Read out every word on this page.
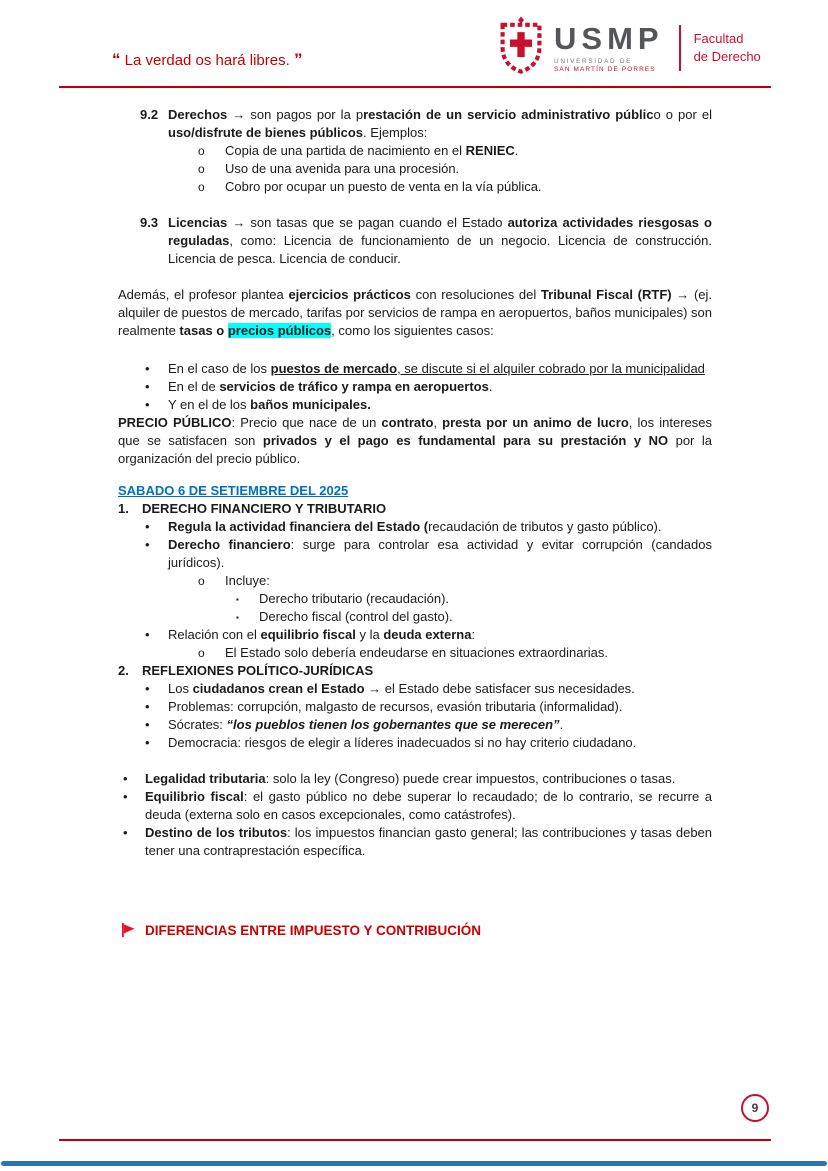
“ La verdad os hará libres. ”
USMP
UNIVERSIDAD DE
SAN MARTÍN DE PORRES
Facultad
de Derecho
9.2 Derechos → son pagos por la prestación de un servicio administrativo público o por el uso/disfrute de bienes públicos. Ejemplos:
o Copia de una partida de nacimiento en el RENIEC.
o Uso de una avenida para una procesión.
o Cobro por ocupar un puesto de venta en la vía pública.
9.3 Licencias → son tasas que se pagan cuando el Estado autoriza actividades riesgosas o reguladas, como: Licencia de funcionamiento de un negocio. Licencia de construcción. Licencia de pesca. Licencia de conducir.
Además, el profesor plantea ejercicios prácticos con resoluciones del Tribunal Fiscal (RTF) → (ej. alquiler de puestos de mercado, tarifas por servicios de rampa en aeropuertos, baños municipales) son realmente tasas o precios públicos, como los siguientes casos:
• En el caso de los puestos de mercado, se discute si el alquiler cobrado por la municipalidad
• En el de servicios de tráfico y rampa en aeropuertos.
• Y en el de los baños municipales.
PRECIO PÚBLICO: Precio que nace de un contrato, presta por un animo de lucro, los intereses que se satisfacen son privados y el pago es fundamental para su prestación y NO por la organización del precio público.
SABADO 6 DE SETIEMBRE DEL 2025
1. DERECHO FINANCIERO Y TRIBUTARIO
• Regula la actividad financiera del Estado (recaudación de tributos y gasto público).
• Derecho financiero: surge para controlar esa actividad y evitar corrupción (candados jurídicos).
o Incluye:
▪ Derecho tributario (recaudación).
▪ Derecho fiscal (control del gasto).
• Relación con el equilibrio fiscal y la deuda externa:
o El Estado solo debería endeudarse en situaciones extraordinarias.
2. REFLEXIONES POLÍTICO-JURÍDICAS
• Los ciudadanos crean el Estado → el Estado debe satisfacer sus necesidades.
• Problemas: corrupción, malgasto de recursos, evasión tributaria (informalidad).
• Sócrates: “los pueblos tienen los gobernantes que se merecen”.
• Democracia: riesgos de elegir a líderes inadecuados si no hay criterio ciudadano.
• Legalidad tributaria: solo la ley (Congreso) puede crear impuestos, contribuciones o tasas.
• Equilibrio fiscal: el gasto público no debe superar lo recaudado; de lo contrario, se recurre a deuda (externa solo en casos excepcionales, como catástrofes).
• Destino de los tributos: los impuestos financian gasto general; las contribuciones y tasas deben tener una contraprestación específica.
DIFERENCIAS ENTRE IMPUESTO Y CONTRIBUCIÓN
9
